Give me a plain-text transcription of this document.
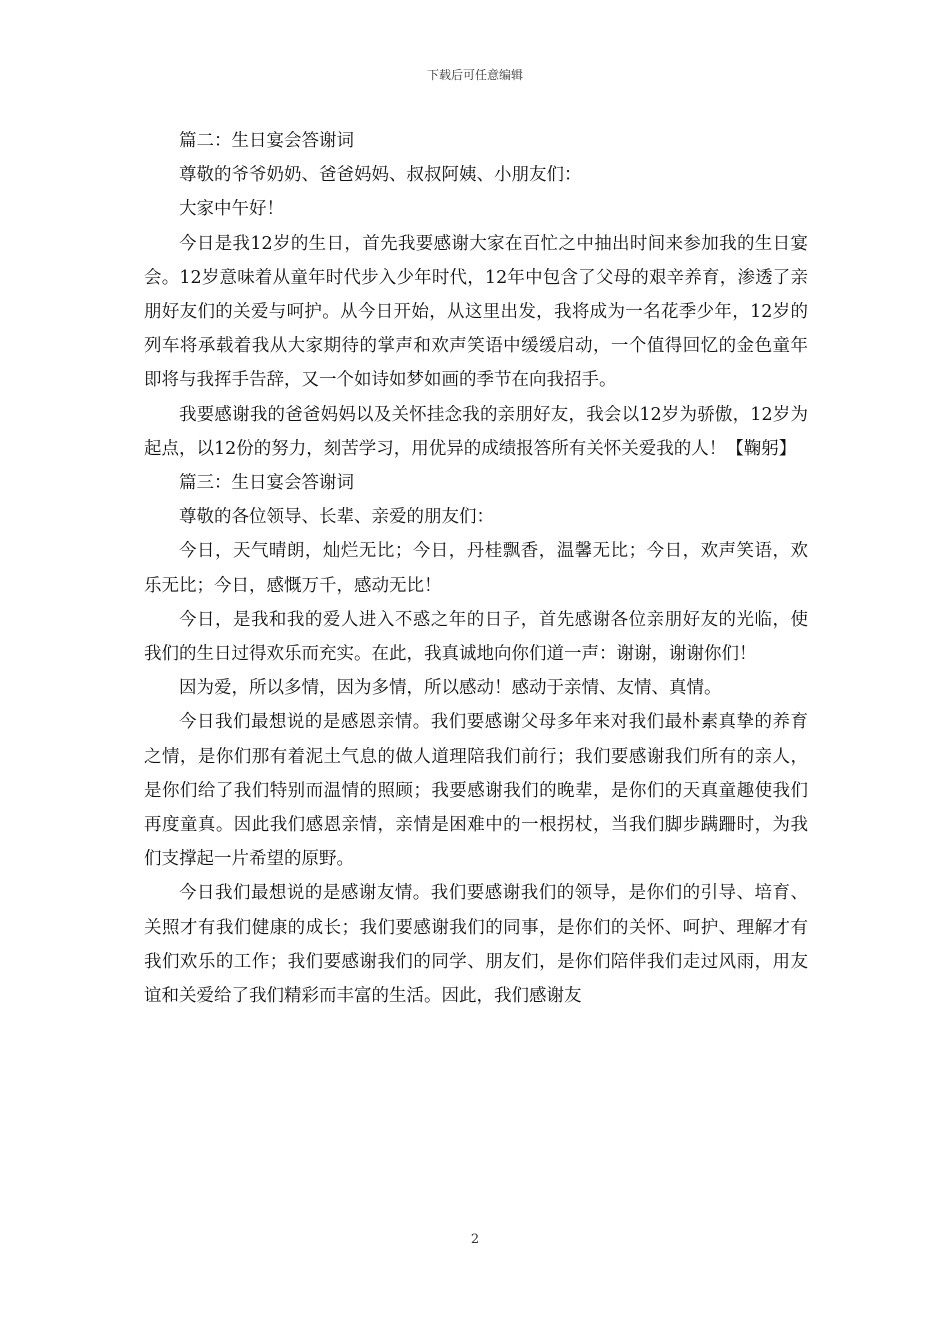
下载后可任意编辑

篇二：生日宴会答谢词

尊敬的爷爷奶奶、爸爸妈妈、叔叔阿姨、小朋友们：

大家中午好！

今日是我12岁的生日，首先我要感谢大家在百忙之中抽出时间来参加我的生日宴会。12岁意味着从童年时代步入少年时代，12年中包含了父母的艰辛养育，渗透了亲朋好友们的关爱与呵护。从今日开始，从这里出发，我将成为一名花季少年，12岁的列车将承载着我从大家期待的掌声和欢声笑语中缓缓启动，一个值得回忆的金色童年即将与我挥手告辞，又一个如诗如梦如画的季节在向我招手。

我要感谢我的爸爸妈妈以及关怀挂念我的亲朋好友，我会以12岁为骄傲，12岁为起点，以12份的努力，刻苦学习，用优异的成绩报答所有关怀关爱我的人！【鞠躬】

篇三：生日宴会答谢词

尊敬的各位领导、长辈、亲爱的朋友们：

今日，天气晴朗，灿烂无比；今日，丹桂飘香，温馨无比；今日，欢声笑语，欢乐无比；今日，感慨万千，感动无比！

今日，是我和我的爱人进入不惑之年的日子，首先感谢各位亲朋好友的光临，使我们的生日过得欢乐而充实。在此，我真诚地向你们道一声：谢谢，谢谢你们！

因为爱，所以多情，因为多情，所以感动！感动于亲情、友情、真情。

今日我们最想说的是感恩亲情。我们要感谢父母多年来对我们最朴素真挚的养育之情，是你们那有着泥土气息的做人道理陪我们前行；我们要感谢我们所有的亲人，是你们给了我们特别而温情的照顾；我要感谢我们的晚辈，是你们的天真童趣使我们再度童真。因此我们感恩亲情，亲情是困难中的一根拐杖，当我们脚步蹒跚时，为我们支撑起一片希望的原野。

今日我们最想说的是感谢友情。我们要感谢我们的领导，是你们的引导、培育、关照才有我们健康的成长；我们要感谢我们的同事，是你们的关怀、呵护、理解才有我们欢乐的工作；我们要感谢我们的同学、朋友们，是你们陪伴我们走过风雨，用友谊和关爱给了我们精彩而丰富的生活。因此，我们感谢友

2
